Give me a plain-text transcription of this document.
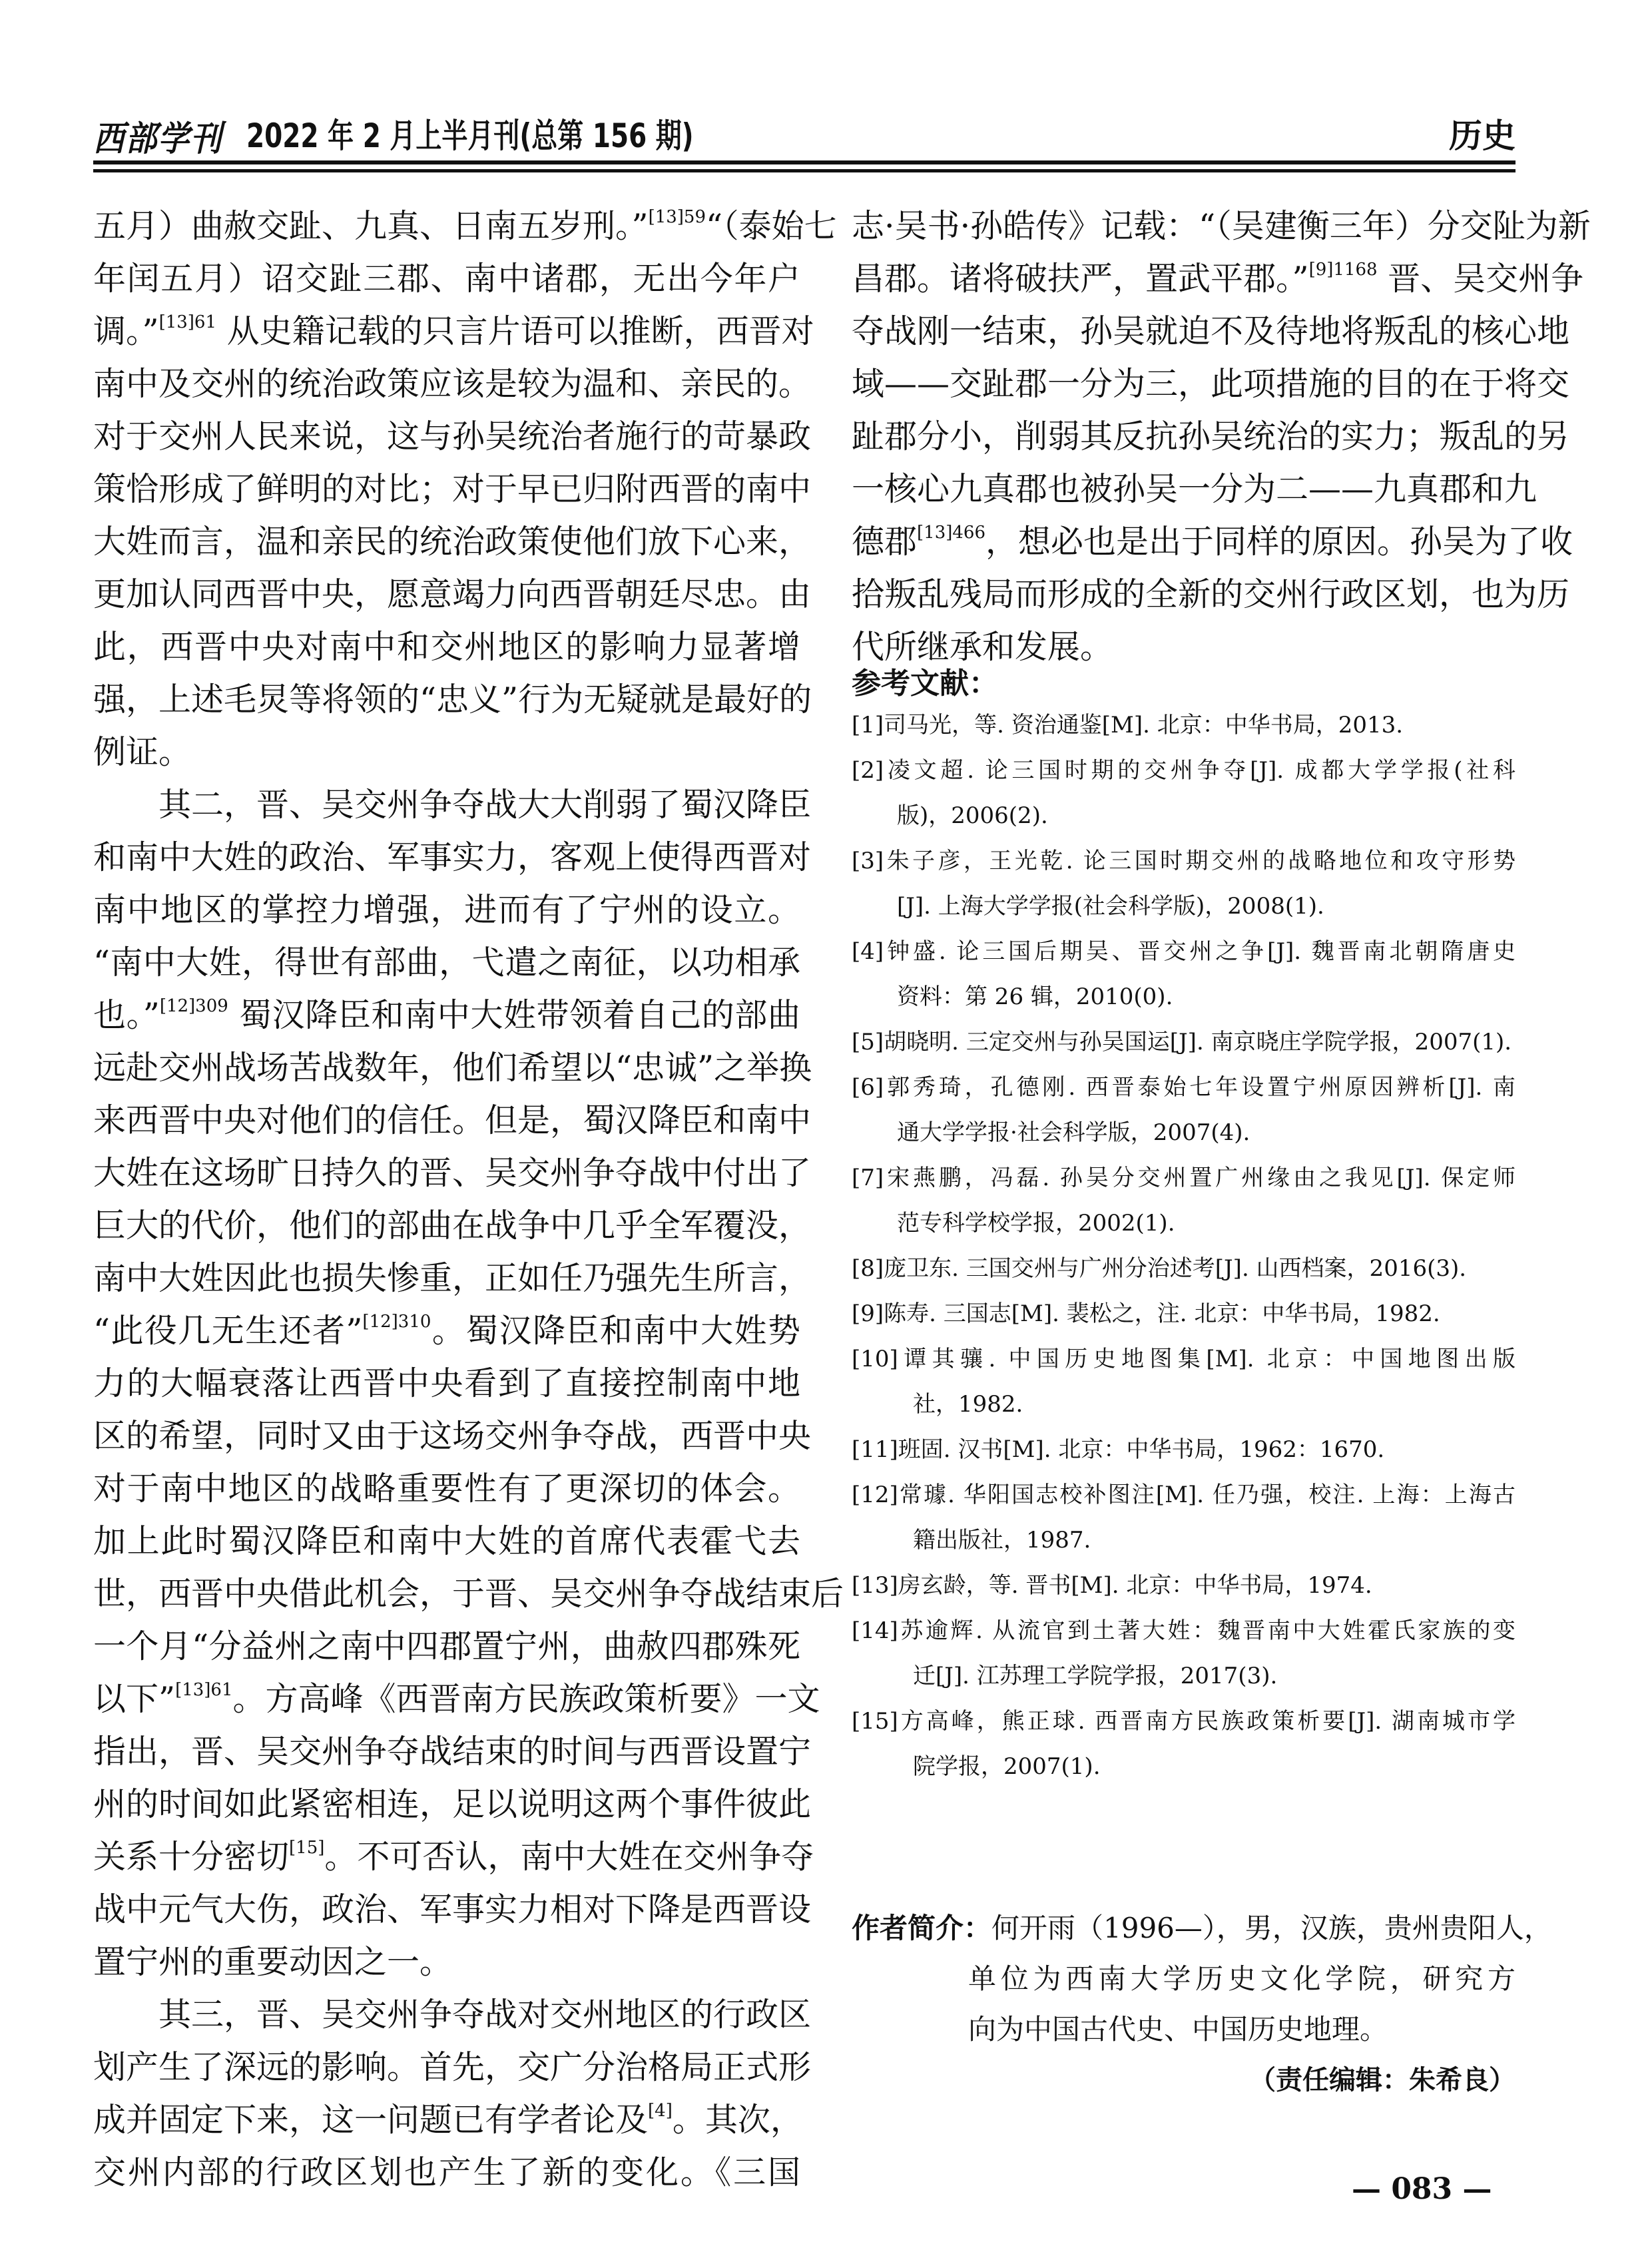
西部学刊 2022 年 2 月上半月刊(总第 156 期)	历史
五月）曲赦交趾、九真、日南五岁刑。”$^{[13]59}$“（泰始七
年闰五月）诏交趾三郡、南中诸郡，无出今年户
调。”$^{[13]61}$ 从史籍记载的只言片语可以推断，西晋对
南中及交州的统治政策应该是较为温和、亲民的。
对于交州人民来说，这与孙吴统治者施行的苛暴政
策恰形成了鲜明的对比；对于早已归附西晋的南中
大姓而言，温和亲民的统治政策使他们放下心来，
更加认同西晋中央，愿意竭力向西晋朝廷尽忠。由
此，西晋中央对南中和交州地区的影响力显著增
强，上述毛炅等将领的“忠义”行为无疑就是最好的
例证。
其二，晋、吴交州争夺战大大削弱了蜀汉降臣
和南中大姓的政治、军事实力，客观上使得西晋对
南中地区的掌控力增强，进而有了宁州的设立。
“南中大姓，得世有部曲，弋遣之南征，以功相承
也。”$^{[12]309}$ 蜀汉降臣和南中大姓带领着自己的部曲
远赴交州战场苦战数年，他们希望以“忠诚”之举换
来西晋中央对他们的信任。但是，蜀汉降臣和南中
大姓在这场旷日持久的晋、吴交州争夺战中付出了
巨大的代价，他们的部曲在战争中几乎全军覆没，
南中大姓因此也损失惨重，正如任乃强先生所言，
“此役几无生还者”$^{[12]310}$。蜀汉降臣和南中大姓势
力的大幅衰落让西晋中央看到了直接控制南中地
区的希望，同时又由于这场交州争夺战，西晋中央
对于南中地区的战略重要性有了更深切的体会。
加上此时蜀汉降臣和南中大姓的首席代表霍弋去
世，西晋中央借此机会，于晋、吴交州争夺战结束后
一个月“分益州之南中四郡置宁州，曲赦四郡殊死
以下”$^{[13]61}$。方高峰《西晋南方民族政策析要》一文
指出，晋、吴交州争夺战结束的时间与西晋设置宁
州的时间如此紧密相连，足以说明这两个事件彼此
关系十分密切[15]。不可否认，南中大姓在交州争夺
战中元气大伤，政治、军事实力相对下降是西晋设
置宁州的重要动因之一。
其三，晋、吴交州争夺战对交州地区的行政区
划产生了深远的影响。首先，交广分治格局正式形
成并固定下来，这一问题已有学者论及[4]。其次，
交州内部的行政区划也产生了新的变化。《三国
志·吴书·孙皓传》记载：“（吴建衡三年）分交阯为新
昌郡。诸将破扶严，置武平郡。”$^{[9]1168}$ 晋、吴交州争
夺战刚一结束，孙吴就迫不及待地将叛乱的核心地
域——交趾郡一分为三，此项措施的目的在于将交
趾郡分小，削弱其反抗孙吴统治的实力；叛乱的另
一核心九真郡也被孙吴一分为二——九真郡和九
德郡$^{[13]466}$，想必也是出于同样的原因。孙吴为了收
拾叛乱残局而形成的全新的交州行政区划，也为历
代所继承和发展。
参考文献：
[1]司马光，等. 资治通鉴[M]. 北京：中华书局，2013.
[2]凌文超. 论三国时期的交州争夺[J]. 成都大学学报(社科
版)，2006(2).
[3]朱子彦，王光乾. 论三国时期交州的战略地位和攻守形势
[J]. 上海大学学报(社会科学版)，2008(1).
[4]钟盛. 论三国后期吴、晋交州之争[J]. 魏晋南北朝隋唐史
资料：第 26 辑，2010(0).
[5]胡晓明. 三定交州与孙吴国运[J]. 南京晓庄学院学报，2007(1).
[6]郭秀琦，孔德刚. 西晋泰始七年设置宁州原因辨析[J]. 南
通大学学报·社会科学版，2007(4).
[7]宋燕鹏，冯磊. 孙吴分交州置广州缘由之我见[J]. 保定师
范专科学校学报，2002(1).
[8]庞卫东. 三国交州与广州分治述考[J]. 山西档案，2016(3).
[9]陈寿. 三国志[M]. 裴松之，注. 北京：中华书局，1982.
[10]谭其骧. 中国历史地图集[M]. 北京：中国地图出版
社，1982.
[11]班固. 汉书[M]. 北京：中华书局，1962：1670.
[12]常璩. 华阳国志校补图注[M]. 任乃强，校注. 上海：上海古
籍出版社，1987.
[13]房玄龄，等. 晋书[M]. 北京：中华书局，1974.
[14]苏逾辉. 从流官到土著大姓：魏晋南中大姓霍氏家族的变
迁[J]. 江苏理工学院学报，2017(3).
[15]方高峰，熊正球. 西晋南方民族政策析要[J]. 湖南城市学
院学报，2007(1).
作者简介：何开雨（1996—），男，汉族，贵州贵阳人，
单位为西南大学历史文化学院，研究方
向为中国古代史、中国历史地理。
（责任编辑：朱希良）
— 083 —
